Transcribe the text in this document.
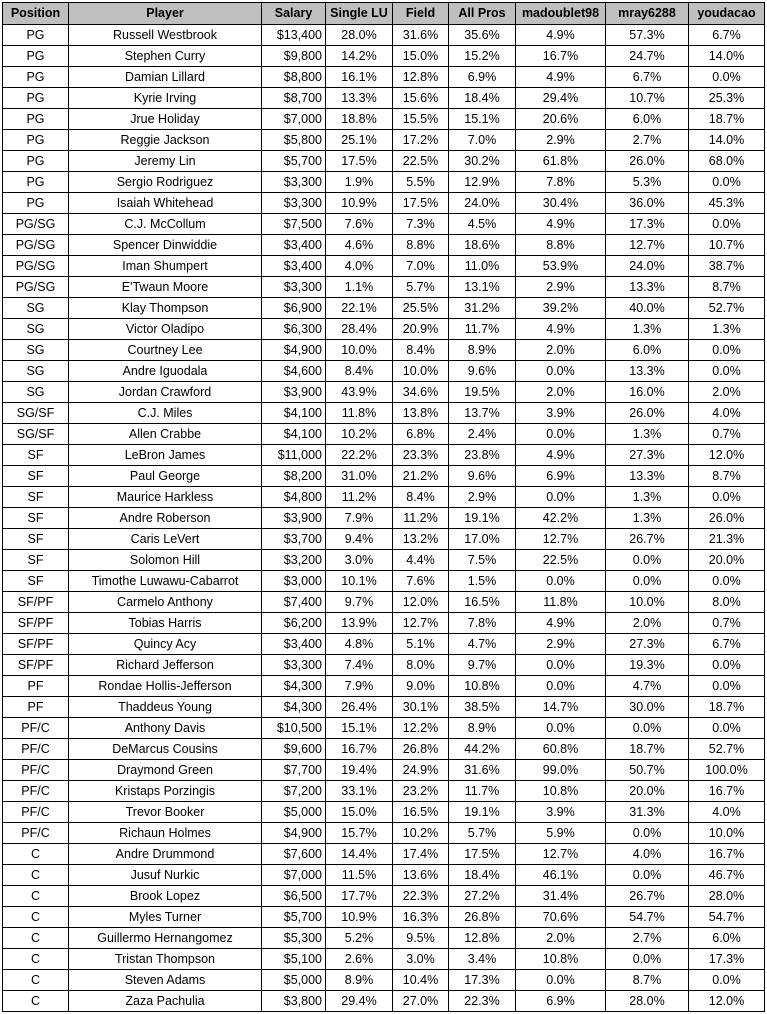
Position	Player	Salary	Single LU	Field	All Pros	madoublet98	mray6288	youdacao
PG	Russell Westbrook	$13,400	28.0%	31.6%	35.6%	4.9%	57.3%	6.7%
PG	Stephen Curry	$9,800	14.2%	15.0%	15.2%	16.7%	24.7%	14.0%
PG	Damian Lillard	$8,800	16.1%	12.8%	6.9%	4.9%	6.7%	0.0%
PG	Kyrie Irving	$8,700	13.3%	15.6%	18.4%	29.4%	10.7%	25.3%
PG	Jrue Holiday	$7,000	18.8%	15.5%	15.1%	20.6%	6.0%	18.7%
PG	Reggie Jackson	$5,800	25.1%	17.2%	7.0%	2.9%	2.7%	14.0%
PG	Jeremy Lin	$5,700	17.5%	22.5%	30.2%	61.8%	26.0%	68.0%
PG	Sergio Rodriguez	$3,300	1.9%	5.5%	12.9%	7.8%	5.3%	0.0%
PG	Isaiah Whitehead	$3,300	10.9%	17.5%	24.0%	30.4%	36.0%	45.3%
PG/SG	C.J. McCollum	$7,500	7.6%	7.3%	4.5%	4.9%	17.3%	0.0%
PG/SG	Spencer Dinwiddie	$3,400	4.6%	8.8%	18.6%	8.8%	12.7%	10.7%
PG/SG	Iman Shumpert	$3,400	4.0%	7.0%	11.0%	53.9%	24.0%	38.7%
PG/SG	E'Twaun Moore	$3,300	1.1%	5.7%	13.1%	2.9%	13.3%	8.7%
SG	Klay Thompson	$6,900	22.1%	25.5%	31.2%	39.2%	40.0%	52.7%
SG	Victor Oladipo	$6,300	28.4%	20.9%	11.7%	4.9%	1.3%	1.3%
SG	Courtney Lee	$4,900	10.0%	8.4%	8.9%	2.0%	6.0%	0.0%
SG	Andre Iguodala	$4,600	8.4%	10.0%	9.6%	0.0%	13.3%	0.0%
SG	Jordan Crawford	$3,900	43.9%	34.6%	19.5%	2.0%	16.0%	2.0%
SG/SF	C.J. Miles	$4,100	11.8%	13.8%	13.7%	3.9%	26.0%	4.0%
SG/SF	Allen Crabbe	$4,100	10.2%	6.8%	2.4%	0.0%	1.3%	0.7%
SF	LeBron James	$11,000	22.2%	23.3%	23.8%	4.9%	27.3%	12.0%
SF	Paul George	$8,200	31.0%	21.2%	9.6%	6.9%	13.3%	8.7%
SF	Maurice Harkless	$4,800	11.2%	8.4%	2.9%	0.0%	1.3%	0.0%
SF	Andre Roberson	$3,900	7.9%	11.2%	19.1%	42.2%	1.3%	26.0%
SF	Caris LeVert	$3,700	9.4%	13.2%	17.0%	12.7%	26.7%	21.3%
SF	Solomon Hill	$3,200	3.0%	4.4%	7.5%	22.5%	0.0%	20.0%
SF	Timothe Luwawu-Cabarrot	$3,000	10.1%	7.6%	1.5%	0.0%	0.0%	0.0%
SF/PF	Carmelo Anthony	$7,400	9.7%	12.0%	16.5%	11.8%	10.0%	8.0%
SF/PF	Tobias Harris	$6,200	13.9%	12.7%	7.8%	4.9%	2.0%	0.7%
SF/PF	Quincy Acy	$3,400	4.8%	5.1%	4.7%	2.9%	27.3%	6.7%
SF/PF	Richard Jefferson	$3,300	7.4%	8.0%	9.7%	0.0%	19.3%	0.0%
PF	Rondae Hollis-Jefferson	$4,300	7.9%	9.0%	10.8%	0.0%	4.7%	0.0%
PF	Thaddeus Young	$4,300	26.4%	30.1%	38.5%	14.7%	30.0%	18.7%
PF/C	Anthony Davis	$10,500	15.1%	12.2%	8.9%	0.0%	0.0%	0.0%
PF/C	DeMarcus Cousins	$9,600	16.7%	26.8%	44.2%	60.8%	18.7%	52.7%
PF/C	Draymond Green	$7,700	19.4%	24.9%	31.6%	99.0%	50.7%	100.0%
PF/C	Kristaps Porzingis	$7,200	33.1%	23.2%	11.7%	10.8%	20.0%	16.7%
PF/C	Trevor Booker	$5,000	15.0%	16.5%	19.1%	3.9%	31.3%	4.0%
PF/C	Richaun Holmes	$4,900	15.7%	10.2%	5.7%	5.9%	0.0%	10.0%
C	Andre Drummond	$7,600	14.4%	17.4%	17.5%	12.7%	4.0%	16.7%
C	Jusuf Nurkic	$7,000	11.5%	13.6%	18.4%	46.1%	0.0%	46.7%
C	Brook Lopez	$6,500	17.7%	22.3%	27.2%	31.4%	26.7%	28.0%
C	Myles Turner	$5,700	10.9%	16.3%	26.8%	70.6%	54.7%	54.7%
C	Guillermo Hernangomez	$5,300	5.2%	9.5%	12.8%	2.0%	2.7%	6.0%
C	Tristan Thompson	$5,100	2.6%	3.0%	3.4%	10.8%	0.0%	17.3%
C	Steven Adams	$5,000	8.9%	10.4%	17.3%	0.0%	8.7%	0.0%
C	Zaza Pachulia	$3,800	29.4%	27.0%	22.3%	6.9%	28.0%	12.0%
